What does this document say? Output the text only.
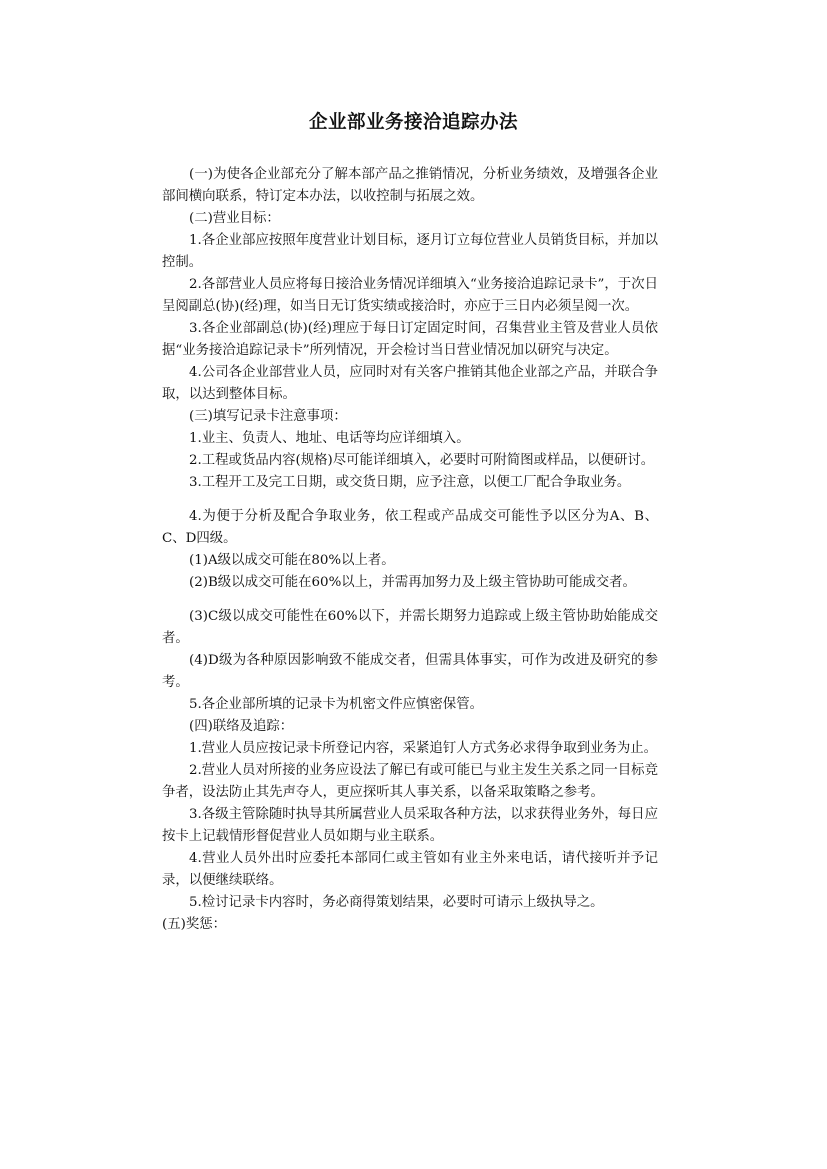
企业部业务接洽追踪办法

(一)为使各企业部充分了解本部产品之推销情况，分析业务绩效，及增强各企业部间横向联系，特订定本办法，以收控制与拓展之效。

(二)营业目标：

1.各企业部应按照年度营业计划目标，逐月订立每位营业人员销货目标，并加以控制。

2.各部营业人员应将每日接洽业务情况详细填入“业务接洽追踪记录卡”，于次日呈阅副总(协)(经)理，如当日无订货实绩或接洽时，亦应于三日内必须呈阅一次。

3.各企业部副总(协)(经)理应于每日订定固定时间，召集营业主管及营业人员依据“业务接洽追踪记录卡”所列情况，开会检讨当日营业情况加以研究与决定。

4.公司各企业部营业人员，应同时对有关客户推销其他企业部之产品，并联合争取，以达到整体目标。

(三)填写记录卡注意事项：

1.业主、负责人、地址、电话等均应详细填入。

2.工程或货品内容(规格)尽可能详细填入，必要时可附简图或样品，以便研讨。

3.工程开工及完工日期，或交货日期，应予注意，以便工厂配合争取业务。

4.为便于分析及配合争取业务，依工程或产品成交可能性予以区分为A、B、C、D四级。

(1)A级以成交可能在80%以上者。

(2)B级以成交可能在60%以上，并需再加努力及上级主管协助可能成交者。

(3)C级以成交可能性在60%以下，并需长期努力追踪或上级主管协助始能成交者。

(4)D级为各种原因影响致不能成交者，但需具体事实，可作为改进及研究的参考。

5.各企业部所填的记录卡为机密文件应慎密保管。

(四)联络及追踪：

1.营业人员应按记录卡所登记内容，采紧追钉人方式务必求得争取到业务为止。

2.营业人员对所接的业务应设法了解已有或可能已与业主发生关系之同一目标竞争者，设法防止其先声夺人，更应探听其人事关系，以备采取策略之参考。

3.各级主管除随时执导其所属营业人员采取各种方法，以求获得业务外，每日应按卡上记载情形督促营业人员如期与业主联系。

4.营业人员外出时应委托本部同仁或主管如有业主外来电话，请代接听并予记录，以便继续联络。

5.检讨记录卡内容时，务必商得策划结果，必要时可请示上级执导之。

(五)奖惩：
